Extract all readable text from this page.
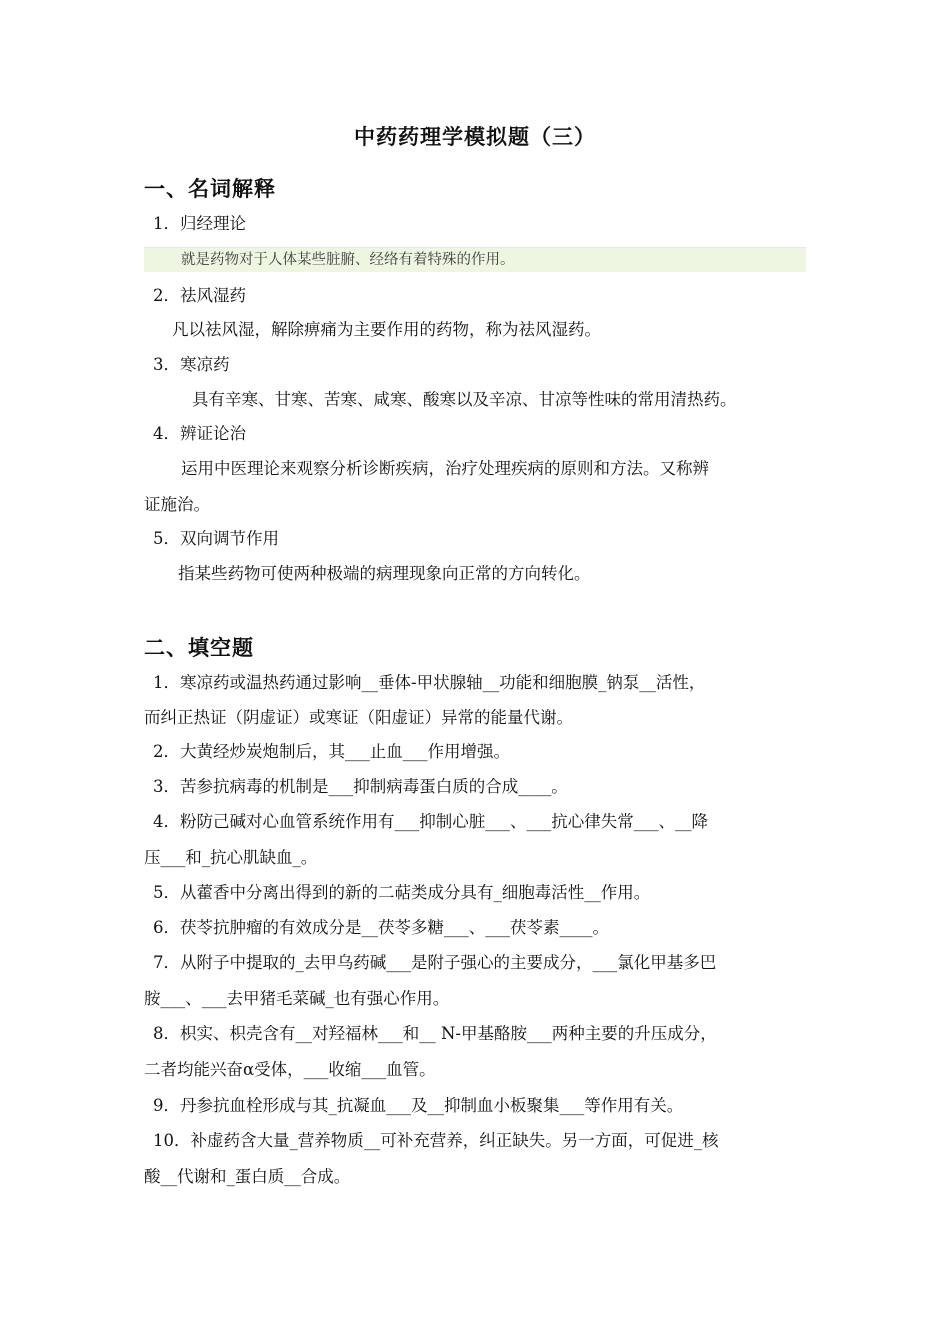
中药药理学模拟题（三）
一、名词解释
1．归经理论
就是药物对于人体某些脏腑、经络有着特殊的作用。
2．祛风湿药
凡以祛风湿，解除痹痛为主要作用的药物，称为祛风湿药。
3．寒凉药
具有辛寒、甘寒、苦寒、咸寒、酸寒以及辛凉、甘凉等性味的常用清热药。
4．辨证论治
运用中医理论来观察分析诊断疾病，治疗处理疾病的原则和方法。又称辨
证施治。
5．双向调节作用
指某些药物可使两种极端的病理现象向正常的方向转化。
二、填空题
1．寒凉药或温热药通过影响__垂体-甲状腺轴__功能和细胞膜_钠泵__活性，
而纠正热证（阴虚证）或寒证（阳虚证）异常的能量代谢。
2．大黄经炒炭炮制后，其___止血___作用增强。
3．苦参抗病毒的机制是___抑制病毒蛋白质的合成____。
4．粉防己碱对心血管系统作用有___抑制心脏___、___抗心律失常___、__降
压___和_抗心肌缺血_。
5．从藿香中分离出得到的新的二萜类成分具有_细胞毒活性__作用。
6．茯苓抗肿瘤的有效成分是__茯苓多糖___、___茯苓素____。
7．从附子中提取的_去甲乌药碱___是附子强心的主要成分，___氯化甲基多巴
胺___、___去甲猪毛菜碱_也有强心作用。
8．枳实、枳壳含有__对羟福林___和__ N-甲基酪胺___两种主要的升压成分，
二者均能兴奋α受体，___收缩___血管。
9．丹参抗血栓形成与其_抗凝血___及__抑制血小板聚集___等作用有关。
10．补虚药含大量_营养物质__可补充营养，纠正缺失。另一方面，可促进_核
酸__代谢和_蛋白质__合成。
